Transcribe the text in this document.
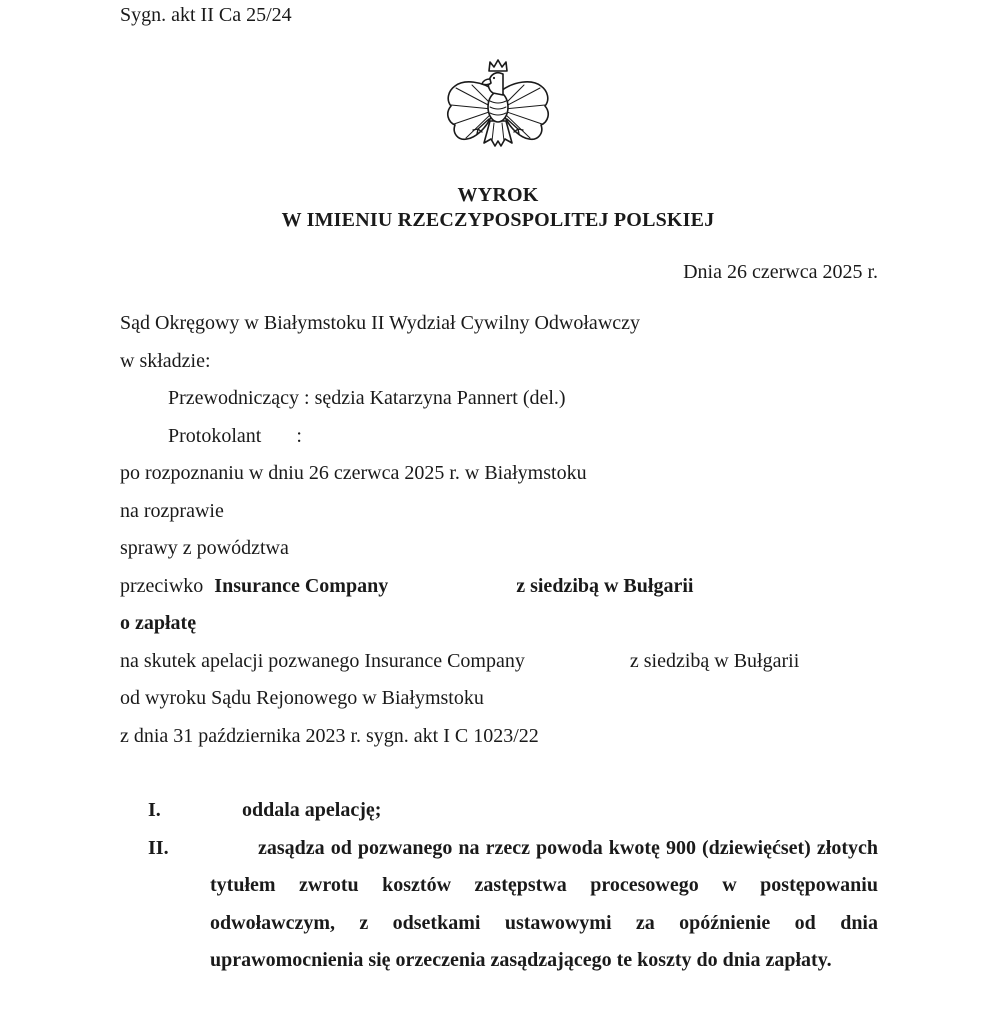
Sygn. akt II Ca 25/24
WYROK
W IMIENIU RZECZYPOSPOLITEJ POLSKIEJ
Dnia 26 czerwca 2025 r.
Sąd Okręgowy w Białymstoku II Wydział Cywilny Odwoławczy
w składzie:
Przewodniczący : sędzia Katarzyna Pannert (del.)
Protokolant :
po rozpoznaniu w dniu 26 czerwca 2025 r. w Białymstoku
na rozprawie
sprawy z powództwa
przeciwko Insurance Company	z siedzibą w Bułgarii
o zapłatę
na skutek apelacji pozwanego Insurance Company	z siedzibą w Bułgarii
od wyroku Sądu Rejonowego w Białymstoku
z dnia 31 października 2023 r. sygn. akt I C 1023/22
I.	oddala apelację;
II.	zasądza od pozwanego na rzecz powoda kwotę 900 (dziewięćset) złotych tytułem zwrotu kosztów zastępstwa procesowego w postępowaniu odwoławczym, z odsetkami ustawowymi za opóźnienie od dnia uprawomocnienia się orzeczenia zasądzającego te koszty do dnia zapłaty.
